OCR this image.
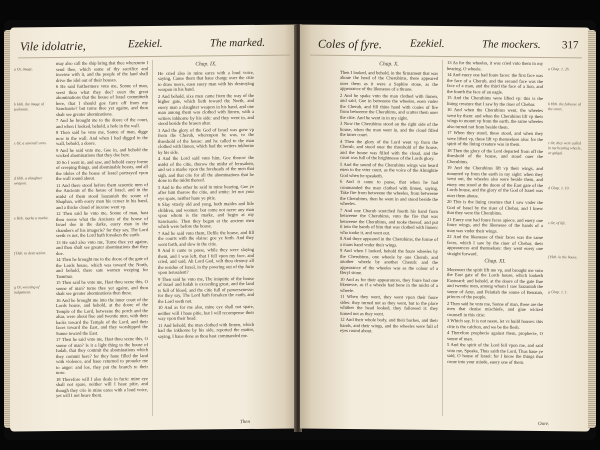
Vile idolatrie,	Ezekiel.	The marked.
a Or, image.
b Heb. the image of jealousie.
c Or, a seuerall sorts.
d Heb. a slaughter weapon.
e Heb. marke a marke.
f Heb. to destruction.
g Or, wresting of iudgement.

may also call the ship bring that thee whereunto I send thee, which some of thy sacrifice and incense with it, and the people of the land shall drive the idol out of their houses.

6 He said furthermore vnto me, Sonne of man, seest thou what they doe? euen the great abominations that the house of Israel committeth here, that I should goe farre off from my Sanctuarie? but turne thee yet againe, and thou shalt see greater abominations.

7 And he brought me to the doore of the court, and when I looked, behold, a hole in the wall.

8 Then said he vnto me, Sonne of man, digge now in the wall. And when I had digged in the wall, behold, a doore.

9 And he said vnto me, Goe in, and behold the wicked abominations that they doe here.

10 So I went in, and saw, and behold euery forme of creeping things, and abominable beasts, and all the idoles of the house of Israel portrayed vpon the wall round about.

11 And there stood before them seuentie men of the Ancients of the house of Israel, and in the midst of them stood Iaazaniah the sonne of Shaphan, with euery man his censer in his hand, and a thicke cloud of incense went vp.

12 Then said he vnto me, Sonne of man, hast thou seene what the Ancients of the house of Israel doe in the darke, euery man in the chambers of his imagerie? for they say, The Lord seeth vs not, the Lord hath forsaken the earth.

13 He said also vnto me, Turne thee yet againe, and thou shalt see greater abominations that they doe.

14 Then he brought me to the doore of the gate of the Lords house, which was toward the North, and behold, there sate women weeping for Tammuz.

15 Then said he vnto me, Hast thou seene this, O sonne of man? turne thee yet againe, and thou shalt see greater abominations then these.

16 And he brought me into the inner court of the Lords house, and behold, at the doore of the Temple of the Lord, betweene the porch and the altar, were about fiue and twentie men, with their backs toward the Temple of the Lord, and their faces toward the East, and they worshipped the Sunne toward the East.

17 Then he said vnto me, Hast thou seene this, O sonne of man? Is it a light thing to the house of Iudah, that they commit the abominations which they commit here? for they haue filled the land with violence, and haue returned to prouoke me to anger: and loe, they put the branch to their nose.

18 Therefore will I also deale in furie: mine eye shall not spare, neither will I haue pitie, and though they crie in mine eares with a loud voice, yet will I not heare them.

Chap. IX.

He cried also in mine eares with a loud voice, saying, Cause them that haue charge ouer the citie to draw neere, euen euery man with his destroying weapon in his hand.

2 And behold, sixe men came from the way of the higher gate, which lieth toward the North, and euery man a slaughter weapon in his hand, and one man among them was clothed with linnen, with a writers inkhorne by his side: and they went in, and stood beside the brasen altar.

3 And the glory of the God of Israel was gone vp from the Cherub, whereupon he was, to the threshold of the house: and he called to the man clothed with linnen, which had the writers inkhorne by his side.

4 And the Lord said vnto him, Goe thorow the midst of the citie, thorow the midst of Ierusalem, and set a marke vpon the foreheads of the men that sigh, and that crie for all the abominations that be done in the midst thereof.

5 And to the other he said in mine hearing, Goe ye after him thorow the citie, and smite: let not your eye spare, neither haue ye pitie.

6 Slay vtterly old and yong, both maides and litle children, and women: but come not neere any man vpon whom is the marke, and begin at my Sanctuarie. Then they began at the ancient men which were before the house.

7 And he said vnto them, Defile the house, and fill the courts with the slaine: goe ye forth. And they went forth, and slew in the citie.

8 And it came to passe, while they were slaying them, and I was left, that I fell vpon my face, and cried, and said, Ah Lord God, wilt thou destroy all the residue of Israel, in thy powring out of thy furie vpon Ierusalem?

9 Then said he vnto me, The iniquitie of the house of Israel and Iudah is exceeding great, and the land is full of blood, and the citie full of peruersenesse: for they say, The Lord hath forsaken the earth, and the Lord seeth not.

10 And as for me also, mine eye shall not spare, neither will I haue pitie, but I will recompense their way vpon their head.

11 And behold, the man clothed with linnen, which had the inkhorne by his side, reported the matter, saying, I haue done as thou hast commanded me.

Then
Coles of fyre.	Ezekiel.	The mockers. 317
Chap. X.

Then I looked, and behold, in the firmament that was aboue the head of the Cherubims, there appeared ouer them as it were a Saphire stone, as the appearance of the likenesse of a throne.

2 And he spake vnto the man clothed with linnen, and said, Goe in betweene the wheeles, euen vnder the Cherub, and fill thine hand with coales of fire from betweene the Cherubims, and scatter them ouer the citie. And he went in in my sight.

3 Now the Cherubims stood on the right side of the house, when the man went in, and the cloud filled the inner court.

4 Then the glory of the Lord went vp from the Cherub, and stood ouer the threshold of the house, and the house was filled with the cloud, and the court was full of the brightnesse of the Lords glory.

5 And the sound of the Cherubims wings was heard euen to the vtter court, as the voice of the Almightie God when he speaketh.

6 And it came to passe, that when he had commanded the man clothed with linnen, saying, Take fire from betweene the wheeles, from betweene the Cherubims, then he went in and stood beside the wheeles.

7 And one Cherub stretched foorth his hand from betweene the Cherubims, vnto the fire that was betweene the Cherubims, and tooke thereof, and put it into the hands of him that was clothed with linnen: who tooke it, and went out.

8 And there appeared in the Cherubims, the forme of a mans hand vnder their wings.

9 And when I looked, behold the foure wheeles by the Cherubims, one wheele by one Cherub, and another wheele by another Cherub: and the appearance of the wheeles was as the colour of a Beryl stone.

10 And as for their appearances, they foure had one likenesse, as if a wheele had bene in the midst of a wheele.

11 When they went, they went vpon their foure sides: they turned not as they went, but to the place whither the head looked, they followed it: they turned not as they went.

12 And their whole body, and their backes, and their hands, and their wings, and the wheeles were full of eyes round about.

13 As for the wheeles, it was cried vnto them in my hearing, O wheele.

14 And euery one had foure faces: the first face was the face of a Cherub, and the second face was the face of a man, and the third the face of a lion, and the fourth the face of an eagle.

15 And the Cherubims were lifted vp: this is the liuing creature that I saw by the riuer of Chebar.

16 And when the Cherubims went, the wheeles went by them: and when the Cherubims lift vp their wings to mount vp from the earth, the same wheeles also turned not from beside them.

17 When they stood, these stood, and when they were lifted vp, these lift vp themselues also: for the spirit of the liuing creature was in them.

18 Then the glory of the Lord departed from off the threshold of the house, and stood ouer the Cherubims.

19 And the Cherubims lift vp their wings, and mounted vp from the earth in my sight: when they went out, the wheeles also were beside them, and euery one stood at the doore of the East gate of the Lords house, and the glory of the God of Israel was ouer them aboue.

20 This is the liuing creature that I saw vnder the God of Israel by the riuer of Chebar, and I knew that they were the Cherubims.

21 Euery one had foure faces apiece, and euery one foure wings, and the likenesse of the hands of a man was vnder their wings.

22 And the likenesse of their faces was the same faces, which I saw by the riuer of Chebar, their appearances and themselues: they went euery one straight forward.

Chap. XI.

Moreouer the spirit lift me vp, and brought me vnto the East gate of the Lords house, which looketh Eastward: and behold, at the doore of the gate fiue and twentie men, among whom I saw Iaazaniah the sonne of Azur, and Pelatiah the sonne of Benaiah, princes of the people.

2 Then said he vnto me, Sonne of man, these are the men that deuise mischiefe, and giue wicked counsell in this citie:

3 Which say, It is not neere, let vs build houses: this citie is the caldron, and we be the flesh.

4 Therefore prophecie against them, prophecie, O sonne of man.

5 And the spirit of the Lord fell vpon me, and said vnto me, Speake, Thus saith the Lord, Thus haue ye said, O house of Israel: for I know the things that come into your minde, euery one of them.

a Chap. 1. 26.
b Heb. the fulnesse of the court.
c Or, they were called in my hearing wheele, or galgal.
d Chap. 1. 10.
e Or, of life.
f Heb. in the house.
g Chap. 1. 1.
Oure.
